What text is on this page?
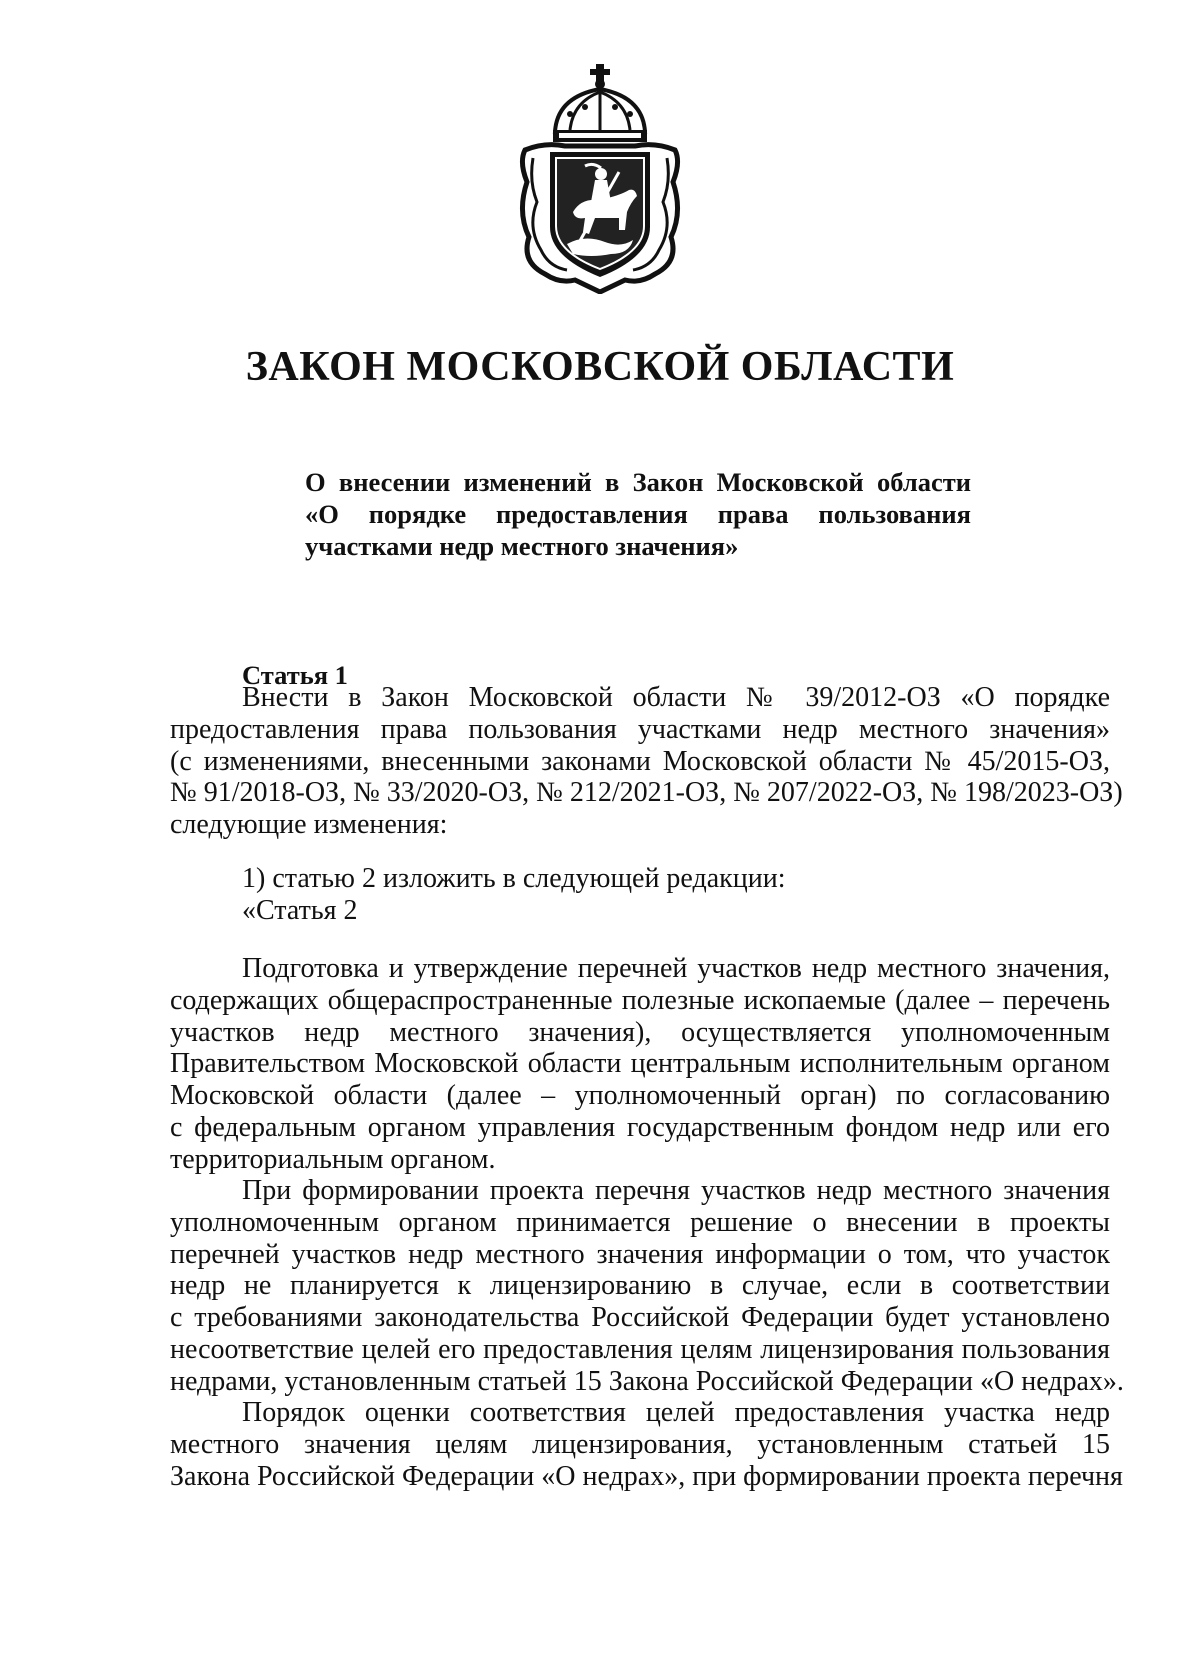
ЗАКОН МОСКОВСКОЙ ОБЛАСТИ
О внесении изменений в Закон Московской области
«О порядке предоставления права пользования
участками недр местного значения»
Статья 1

Внести в Закон Московской области № 39/2012-ОЗ «О порядке
предоставления права пользования участками недр местного значения»
(с изменениями, внесенными законами Московской области № 45/2015-ОЗ,
№ 91/2018-ОЗ, № 33/2020-ОЗ, № 212/2021-ОЗ, № 207/2022-ОЗ, № 198/2023-ОЗ)
следующие изменения:

1) статью 2 изложить в следующей редакции:
«Статья 2

Подготовка и утверждение перечней участков недр местного значения,
содержащих общераспространенные полезные ископаемые (далее – перечень
участков недр местного значения), осуществляется уполномоченным
Правительством Московской области центральным исполнительным органом
Московской области (далее – уполномоченный орган) по согласованию
с федеральным органом управления государственным фондом недр или его
территориальным органом.

При формировании проекта перечня участков недр местного значения
уполномоченным органом принимается решение о внесении в проекты
перечней участков недр местного значения информации о том, что участок
недр не планируется к лицензированию в случае, если в соответствии
с требованиями законодательства Российской Федерации будет установлено
несоответствие целей его предоставления целям лицензирования пользования
недрами, установленным статьей 15 Закона Российской Федерации «О недрах».

Порядок оценки соответствия целей предоставления участка недр
местного значения целям лицензирования, установленным статьей 15
Закона Российской Федерации «О недрах», при формировании проекта перечня
